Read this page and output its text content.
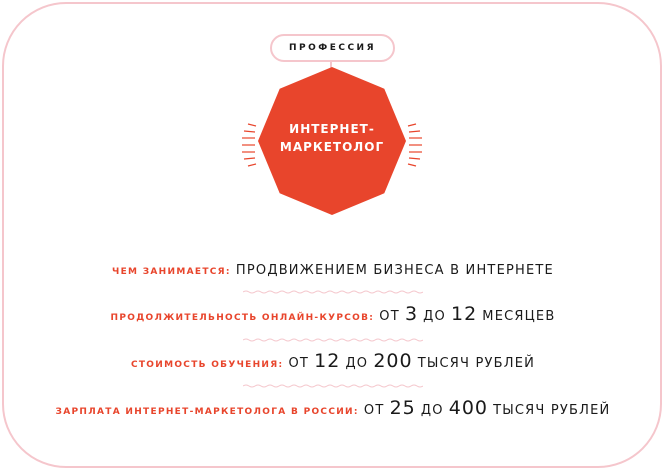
ПРОФЕССИЯ
ИНТЕРНЕТ-
МАРКЕТОЛОГ
ЧЕМ ЗАНИМАЕТСЯ: ПРОДВИЖЕНИЕМ БИЗНЕСА В ИНТЕРНЕТЕ
ПРОДОЛЖИТЕЛЬНОСТЬ ОНЛАЙН-КУРСОВ: ОТ 3 ДО 12 МЕСЯЦЕВ
СТОИМОСТЬ ОБУЧЕНИЯ: ОТ 12 ДО 200 ТЫСЯЧ РУБЛЕЙ
ЗАРПЛАТА ИНТЕРНЕТ-МАРКЕТОЛОГА В РОССИИ: ОТ 25 ДО 400 ТЫСЯЧ РУБЛЕЙ
